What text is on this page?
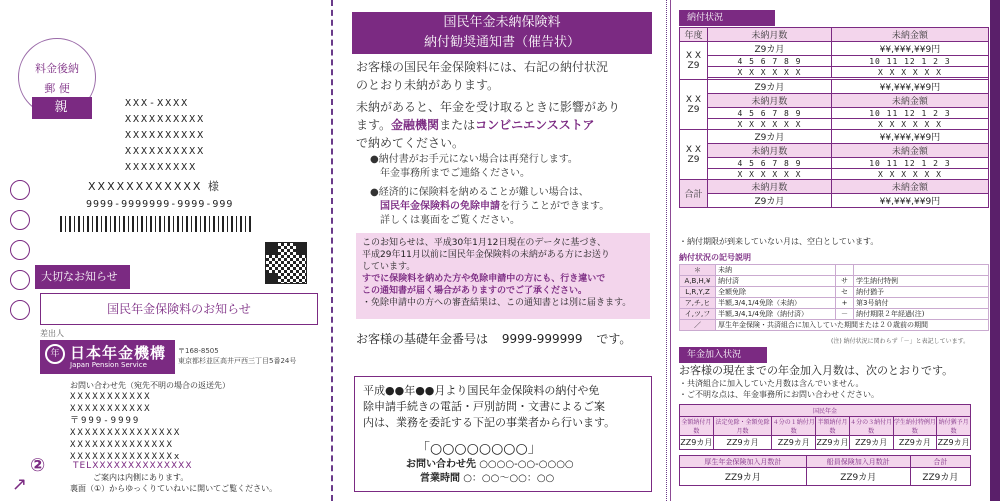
料金後納
郵 便
親 展
XXX-XXXX
XXXXXXXXXX
XXXXXXXXXX
XXXXXXXXXX
XXXXXXXXX
XXXXXXXXXXXX 様
9999-9999999-9999-999
大切なお知らせ
国民年金保険料のお知らせ
差出人
年 日本年金機構
Japan Pension Service
〒168-8505
東京都杉並区高井戸西三丁目5番24号
お問い合わせ先（宛先不明の場合の返送先）
XXXXXXXXXXX
XXXXXXXXXXX
〒999-9999
XXXXXXXXXXXXXXX
XXXXXXXXXXXXXX
XXXXXXXXXXXXXXx
TELXXXXXXXXXXXXXX
ご案内は内側にあります。
裏面（①）からゆっくりていねいに開いてご覧ください。
②
↗
国民年金未納保険料
納付勧奨通知書（催告状）
お客様の国民年金保険料には、右記の納付状況
のとおり未納があります。
未納があると、年金を受け取るときに影響があり
ます。金融機関またはコンビニエンスストア
で納めてください。
●納付書がお手元にない場合は再発行します。
年金事務所までご連絡ください。
●経済的に保険料を納めることが難しい場合は、
国民年金保険料の免除申請を行うことができます。
詳しくは裏面をご覧ください。
このお知らせは、平成30年1月12日現在のデータに基づき、
平成29年11月以前に国民年金保険料の未納がある方にお送り
しています。
すでに保険料を納めた方や免除申請中の方にも、行き違いで
この通知書が届く場合がありますのでご了承ください。
・免除申請中の方への審査結果は、この通知書とは別に届きます。
お客様の基礎年金番号は 9999-999999 です。
平成●●年●●月より国民年金保険料の納付や免
除申請手続きの電話・戸別訪問・文書によるご案
内は、業務を委託する下記の事業者から行います。
「○○○○○○○○」
お問い合わせ先 ○○○○-○○-○○○○
営業時間 ○：○○〜○○：○○
納付状況
年度	未納月数	未納金額

X X
Z9	Z9カ月	¥¥,¥¥¥,¥¥9円
	4 5 6 7 8 9	10 11 12 1 2 3
	X X X X X X	X X X X X X

X X
Z9	Z9カ月	¥¥,¥¥¥,¥¥9円
	未納月数	未納金額
	4 5 6 7 8 9	10 11 12 1 2 3
	X X X X X X	X X X X X X

X X
Z9	Z9カ月	¥¥,¥¥¥,¥¥9円
	未納月数	未納金額
	4 5 6 7 8 9	10 11 12 1 2 3
	X X X X X X	X X X X X X
合計	未納月数	未納金額
	Z9カ月	¥¥,¥¥¥,¥¥9円
・納付期限が到来していない月は、空白としています。
納付状況の記号説明
＊	未納		
A,B,H,¥	納付済	サ	学生納付特例
L,R,Y,Z	全額免除	セ	納付猶予
ア,チ,ヒ	半額,3/4,1/4免除（未納）	+	第3号納付
イ,ツ,フ	半額,3/4,1/4免除（納付済）	－	納付期限２年経過(注)
／	厚生年金保険・共済組合に加入していた期間または２０歳前の期間		
(注) 納付状況に関わらず「－」と表記しています。
年金加入状況
お客様の現在までの年金加入月数は、次のとおりです。
・共済組合に加入していた月数は含んでいません。
・ご不明な点は、年金事務所にお問い合わせください。
国民年金						
全額納付月数	法定免除・全額免除月数	４分の１納付月数	半額納付月数	４分の３納付月数	学生納付特例月数	納付猶予月数
ZZ9カ月	ZZ9カ月	ZZ9カ月	ZZ9カ月	ZZ9カ月	ZZ9カ月	ZZ9カ月
厚生年金保険加入月数計	船員保険加入月数計	合計
ZZ9カ月	ZZ9カ月	ZZ9カ月
